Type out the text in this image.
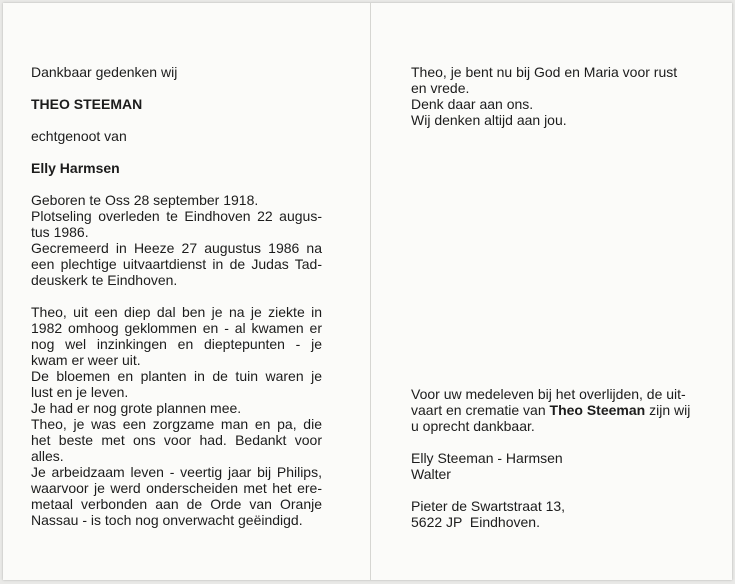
Dankbaar gedenken wij
THEO STEEMAN
echtgenoot van
Elly Harmsen
Geboren te Oss 28 september 1918.
Plotseling overleden te Eindhoven 22 augus-
tus 1986.
Gecremeerd in Heeze 27 augustus 1986 na
een plechtige uitvaartdienst in de Judas Tad-
deuskerk te Eindhoven.
Theo, uit een diep dal ben je na je ziekte in
1982 omhoog geklommen en - al kwamen er
nog wel inzinkingen en dieptepunten - je
kwam er weer uit.
De bloemen en planten in de tuin waren je
lust en je leven.
Je had er nog grote plannen mee.
Theo, je was een zorgzame man en pa, die
het beste met ons voor had. Bedankt voor
alles.
Je arbeidzaam leven - veertig jaar bij Philips,
waarvoor je werd onderscheiden met het ere-
metaal verbonden aan de Orde van Oranje
Nassau - is toch nog onverwacht geëindigd.
Theo, je bent nu bij God en Maria voor rust
en vrede.
Denk daar aan ons.
Wij denken altijd aan jou.
Voor uw medeleven bij het overlijden, de uit-
vaart en crematie van Theo Steeman zijn wij
u oprecht dankbaar.
Elly Steeman - Harmsen
Walter
Pieter de Swartstraat 13,
5622 JP  Eindhoven.
